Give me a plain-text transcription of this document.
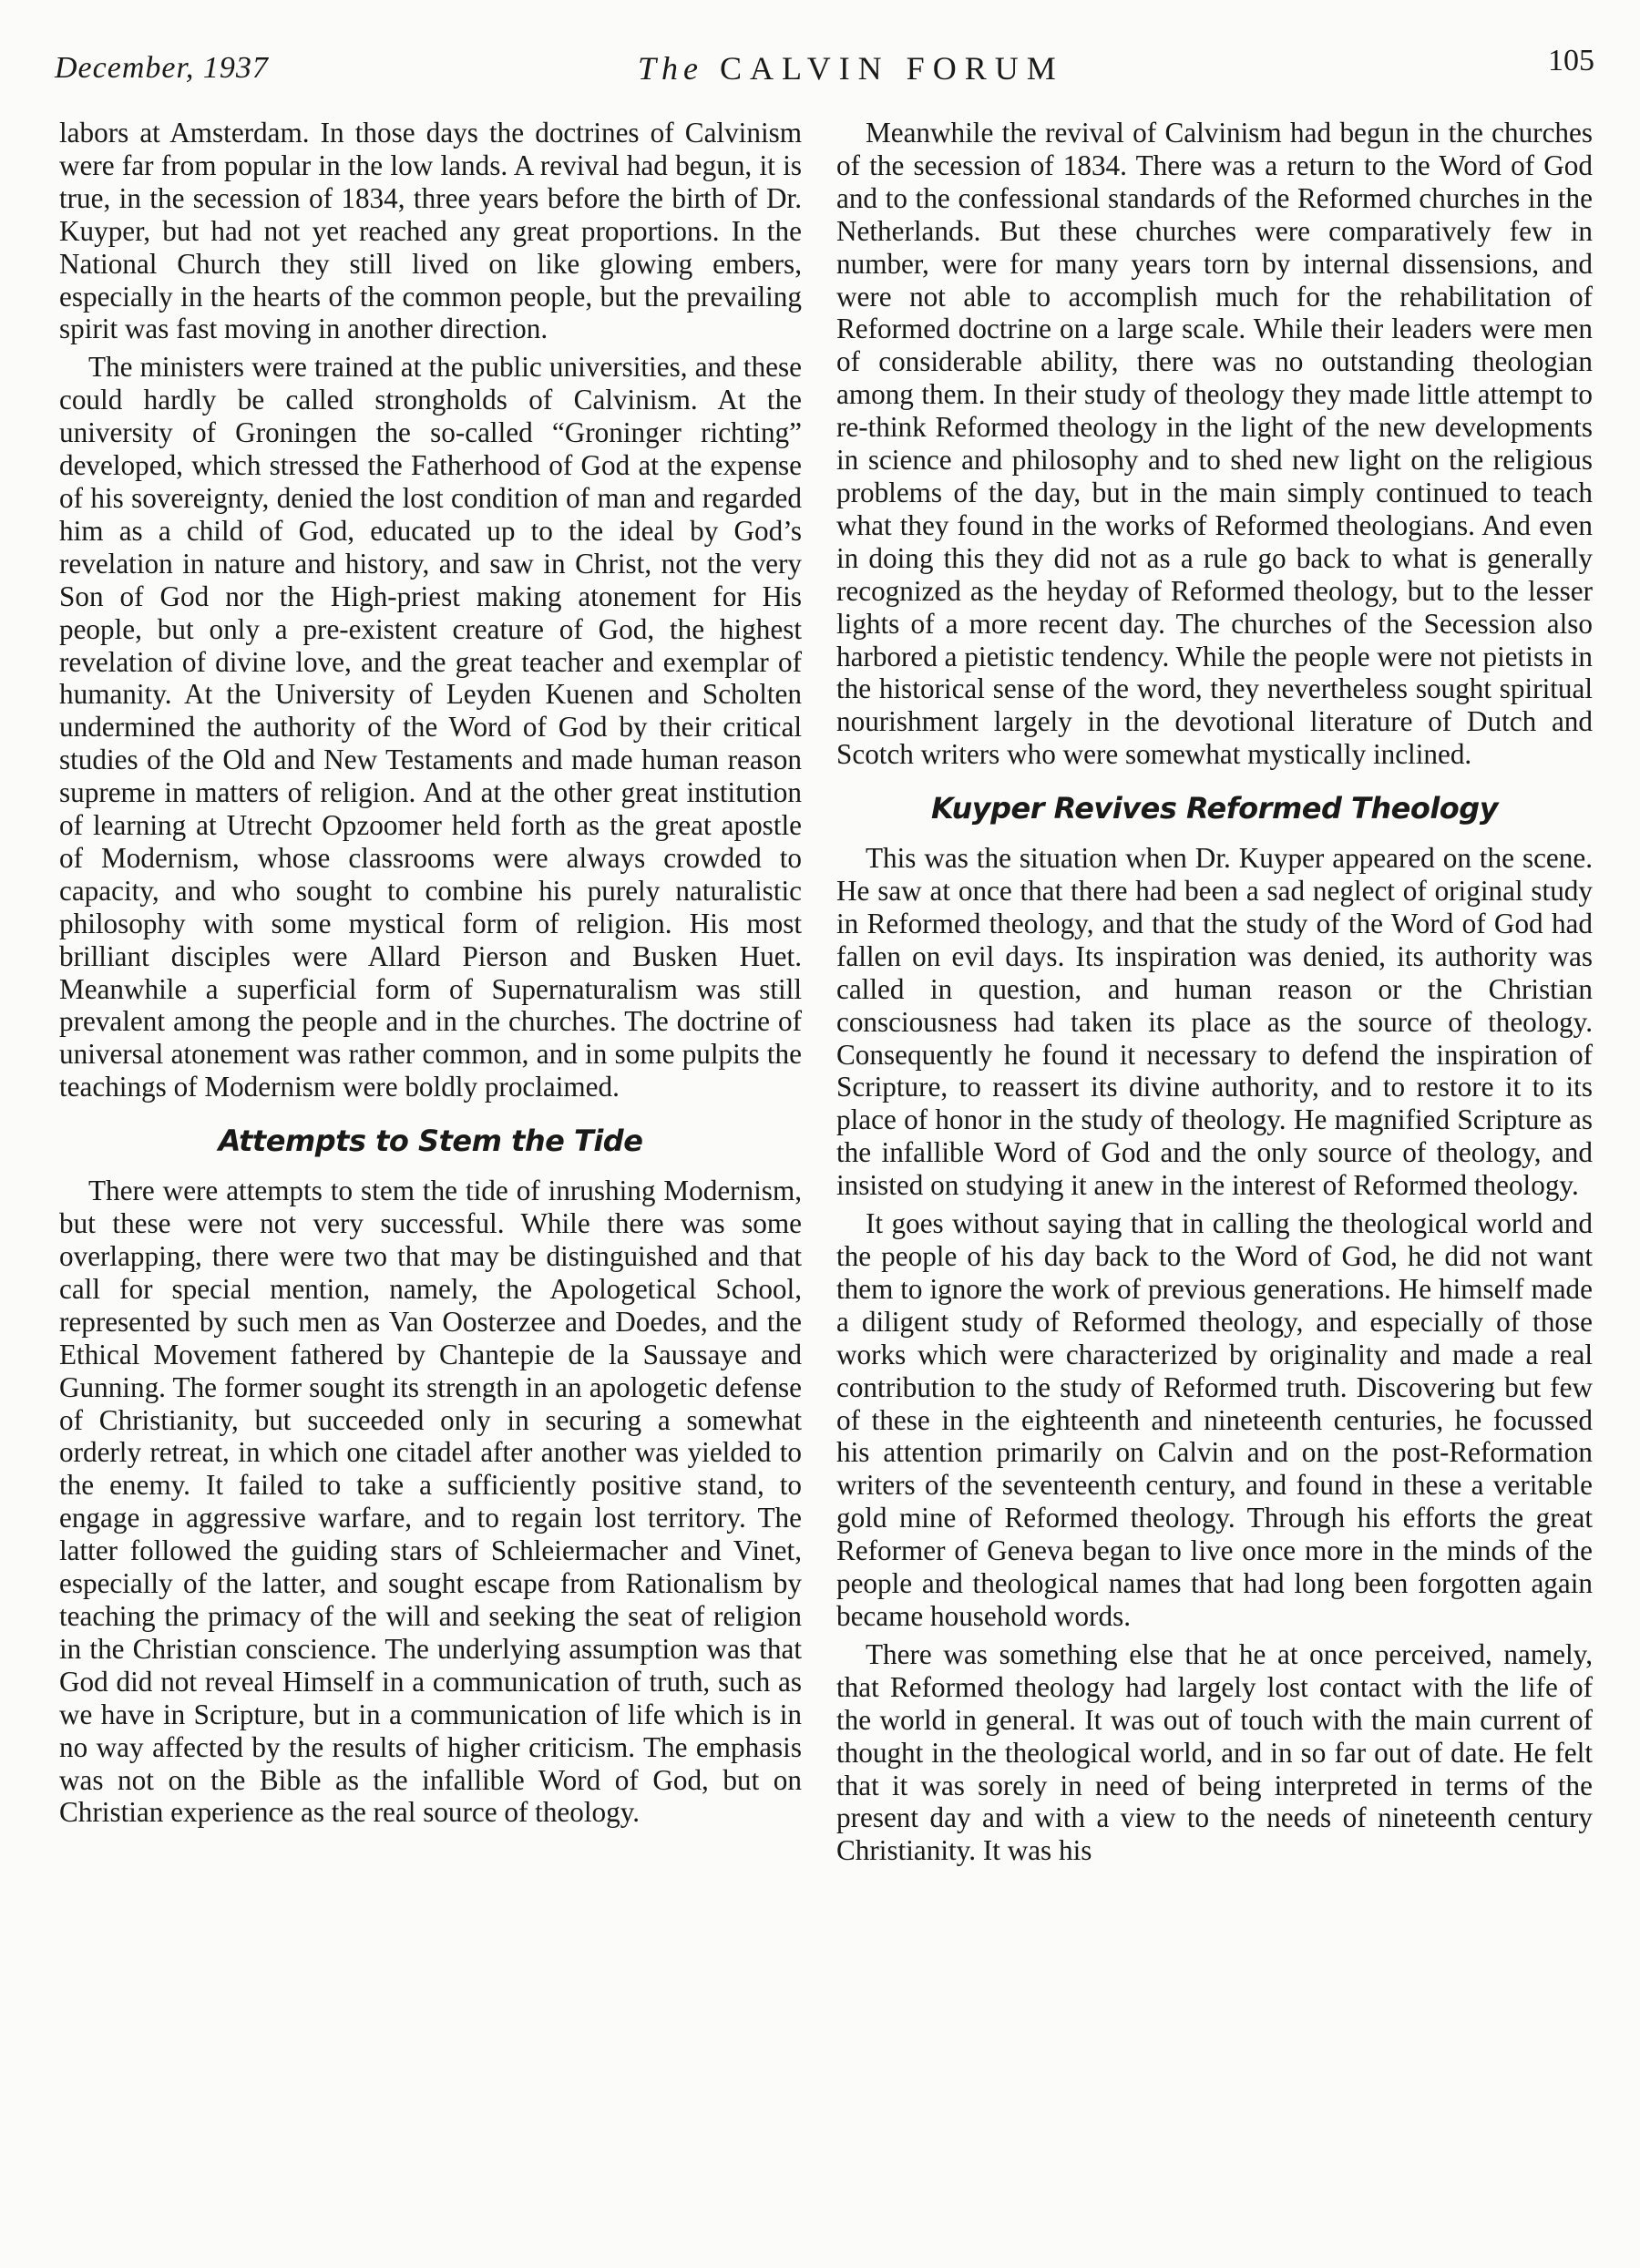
December, 1937	The CALVIN FORUM	105

labors at Amsterdam. In those days the doctrines of Calvinism were far from popular in the low lands. A revival had begun, it is true, in the secession of 1834, three years before the birth of Dr. Kuyper, but had not yet reached any great proportions. In the National Church they still lived on like glowing embers, especially in the hearts of the common people, but the prevailing spirit was fast moving in another direction.

The ministers were trained at the public universities, and these could hardly be called strongholds of Calvinism. At the university of Groningen the so-called “Groninger richting” developed, which stressed the Fatherhood of God at the expense of his sovereignty, denied the lost condition of man and regarded him as a child of God, educated up to the ideal by God’s revelation in nature and history, and saw in Christ, not the very Son of God nor the High-priest making atonement for His people, but only a pre-existent creature of God, the highest revelation of divine love, and the great teacher and exemplar of humanity. At the University of Leyden Kuenen and Scholten undermined the authority of the Word of God by their critical studies of the Old and New Testaments and made human reason supreme in matters of religion. And at the other great institution of learning at Utrecht Opzoomer held forth as the great apostle of Modernism, whose classrooms were always crowded to capacity, and who sought to combine his purely naturalistic philosophy with some mystical form of religion. His most brilliant disciples were Allard Pierson and Busken Huet. Meanwhile a superficial form of Supernaturalism was still prevalent among the people and in the churches. The doctrine of universal atonement was rather common, and in some pulpits the teachings of Modernism were boldly proclaimed.

Attempts to Stem the Tide

There were attempts to stem the tide of inrushing Modernism, but these were not very successful. While there was some overlapping, there were two that may be distinguished and that call for special mention, namely, the Apologetical School, represented by such men as Van Oosterzee and Doedes, and the Ethical Movement fathered by Chantepie de la Saussaye and Gunning. The former sought its strength in an apologetic defense of Christianity, but succeeded only in securing a somewhat orderly retreat, in which one citadel after another was yielded to the enemy. It failed to take a sufficiently positive stand, to engage in aggressive warfare, and to regain lost territory. The latter followed the guiding stars of Schleiermacher and Vinet, especially of the latter, and sought escape from Rationalism by teaching the primacy of the will and seeking the seat of religion in the Christian conscience. The underlying assumption was that God did not reveal Himself in a communication of truth, such as we have in Scripture, but in a communication of life which is in no way affected by the results of higher criticism. The emphasis was not on the Bible as the infallible Word of God, but on Christian experience as the real source of theology.

Meanwhile the revival of Calvinism had begun in the churches of the secession of 1834. There was a return to the Word of God and to the confessional standards of the Reformed churches in the Netherlands. But these churches were comparatively few in number, were for many years torn by internal dissensions, and were not able to accomplish much for the rehabilitation of Reformed doctrine on a large scale. While their leaders were men of considerable ability, there was no outstanding theologian among them. In their study of theology they made little attempt to re-think Reformed theology in the light of the new developments in science and philosophy and to shed new light on the religious problems of the day, but in the main simply continued to teach what they found in the works of Reformed theologians. And even in doing this they did not as a rule go back to what is generally recognized as the heyday of Reformed theology, but to the lesser lights of a more recent day. The churches of the Secession also harbored a pietistic tendency. While the people were not pietists in the historical sense of the word, they nevertheless sought spiritual nourishment largely in the devotional literature of Dutch and Scotch writers who were somewhat mystically inclined.

Kuyper Revives Reformed Theology

This was the situation when Dr. Kuyper appeared on the scene. He saw at once that there had been a sad neglect of original study in Reformed theology, and that the study of the Word of God had fallen on evil days. Its inspiration was denied, its authority was called in question, and human reason or the Christian consciousness had taken its place as the source of theology. Consequently he found it necessary to defend the inspiration of Scripture, to reassert its divine authority, and to restore it to its place of honor in the study of theology. He magnified Scripture as the infallible Word of God and the only source of theology, and insisted on studying it anew in the interest of Reformed theology.

It goes without saying that in calling the theological world and the people of his day back to the Word of God, he did not want them to ignore the work of previous generations. He himself made a diligent study of Reformed theology, and especially of those works which were characterized by originality and made a real contribution to the study of Reformed truth. Discovering but few of these in the eighteenth and nineteenth centuries, he focussed his attention primarily on Calvin and on the post-Reformation writers of the seventeenth century, and found in these a veritable gold mine of Reformed theology. Through his efforts the great Reformer of Geneva began to live once more in the minds of the people and theological names that had long been forgotten again became household words.

There was something else that he at once perceived, namely, that Reformed theology had largely lost contact with the life of the world in general. It was out of touch with the main current of thought in the theological world, and in so far out of date. He felt that it was sorely in need of being interpreted in terms of the present day and with a view to the needs of nineteenth century Christianity. It was his
